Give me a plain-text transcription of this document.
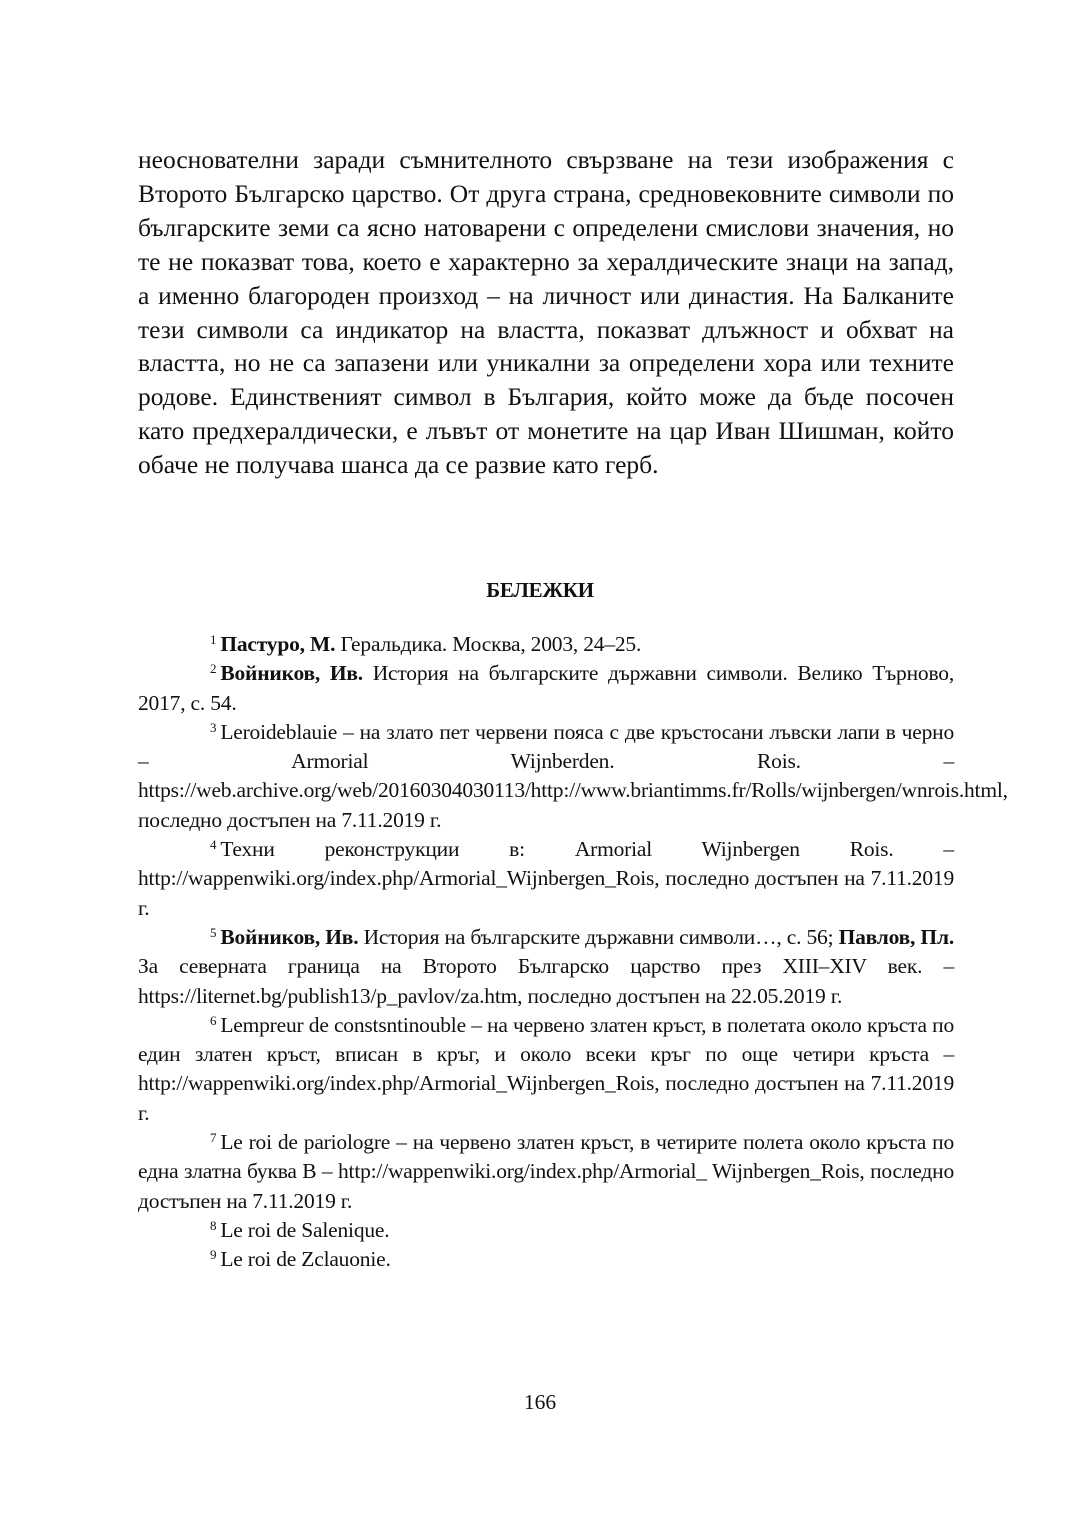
неоснователни заради съмнителното свързване на тези изображения с Второто Българско царство. От друга страна, средновековните символи по българските земи са ясно натоварени с определени смислови значения, но те не показват това, което е характерно за хералдическите знаци на запад, а именно благороден произход – на личност или династия. На Балканите тези символи са индикатор на властта, показват длъжност и обхват на властта, но не са запазени или уникални за определени хора или техните родове. Единственият символ в България, който може да бъде посочен като предхералдически, е лъвът от монетите на цар Иван Шишман, който обаче не получава шанса да се развие като герб.

БЕЛЕЖКИ

$^1$ Пастуро, М. Геральдика. Москва, 2003, 24–25.

$^2$ Войников, Ив. История на българските държавни символи. Велико Търново, 2017, с. 54.

$^3$ Leroideblauie – на злато пет червени пояса с две кръстосани лъвски лапи в черно – Armorial Wijnberden. Rois. – https://web.archive.org/web/20160304030113/http://www.briantimms.fr/Rolls/wijnbergen/wnrois.html, последно достъпен на 7.11.2019 г.

$^4$ Техни реконструкции в: Armorial Wijnbergen Rois. – http://wappenwiki.org/index.php/Armorial_Wijnbergen_Rois, последно достъпен на 7.11.2019 г.

$^5$ Войников, Ив. История на българските държавни символи…, с. 56; Павлов, Пл. За северната граница на Второто Българско царство през XIII–XIV век. – https://liternet.bg/publish13/p_pavlov/za.htm, последно достъпен на 22.05.2019 г.

$^6$ Lempreur de constsntinouble – на червено златен кръст, в полетата около кръста по един златен кръст, вписан в кръг, и около всеки кръг по още четири кръста – http://wappenwiki.org/index.php/Armorial_Wijnbergen_Rois, последно достъпен на 7.11.2019 г.

$^7$ Le roi de pariologre – на червено златен кръст, в четирите полета около кръста по една златна буква B – http://wappenwiki.org/index.php/Armorial_ Wijnbergen_Rois, последно достъпен на 7.11.2019 г.

$^8$ Le roi de Salenique.

$^9$ Le roi de Zclauonie.

166
